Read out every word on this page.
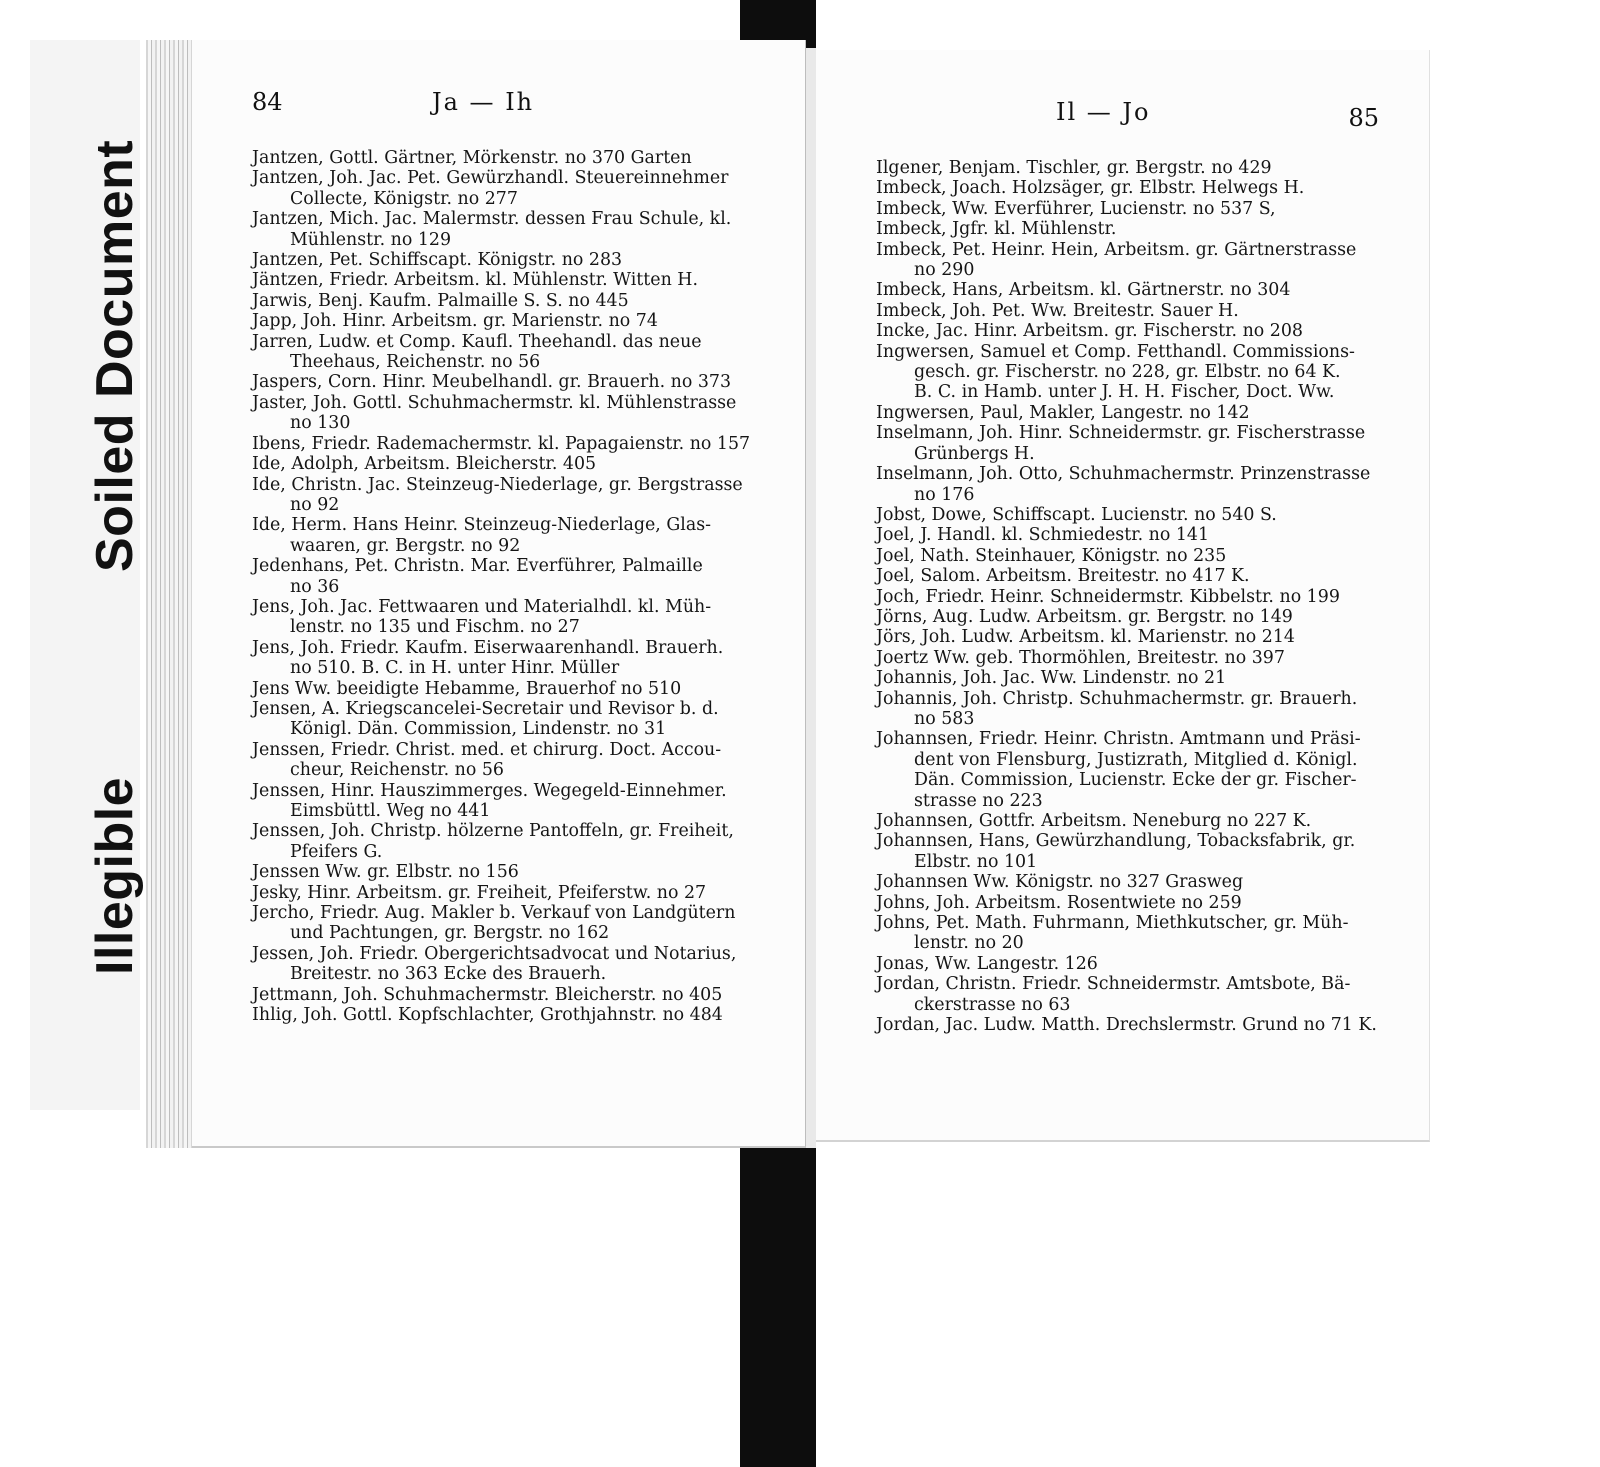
Illegible
Soiled Document
84	Ja — Ih
Jantzen, Gottl. Gärtner, Mörkenstr. no 370 Garten
Jantzen, Joh. Jac. Pet. Gewürzhandl. Steuereinnehmer
Collecte, Königstr. no 277
Jantzen, Mich. Jac. Malermstr. dessen Frau Schule, kl.
Mühlenstr. no 129
Jantzen, Pet. Schiffscapt. Königstr. no 283
Jäntzen, Friedr. Arbeitsm. kl. Mühlenstr. Witten H.
Jarwis, Benj. Kaufm. Palmaille S. S. no 445
Japp, Joh. Hinr. Arbeitsm. gr. Marienstr. no 74
Jarren, Ludw. et Comp. Kaufl. Theehandl. das neue
Theehaus, Reichenstr. no 56
Jaspers, Corn. Hinr. Meubelhandl. gr. Brauerh. no 373
Jaster, Joh. Gottl. Schuhmachermstr. kl. Mühlenstrasse
no 130
Ibens, Friedr. Rademachermstr. kl. Papagaienstr. no 157
Ide, Adolph, Arbeitsm. Bleicherstr. 405
Ide, Christn. Jac. Steinzeug-Niederlage, gr. Bergstrasse
no 92
Ide, Herm. Hans Heinr. Steinzeug-Niederlage, Glas-
waaren, gr. Bergstr. no 92
Jedenhans, Pet. Christn. Mar. Everführer, Palmaille
no 36
Jens, Joh. Jac. Fettwaaren und Materialhdl. kl. Müh-
lenstr. no 135 und Fischm. no 27
Jens, Joh. Friedr. Kaufm. Eiserwaarenhandl. Brauerh.
no 510. B. C. in H. unter Hinr. Müller
Jens Ww. beeidigte Hebamme, Brauerhof no 510
Jensen, A. Kriegscancelei-Secretair und Revisor b. d.
Königl. Dän. Commission, Lindenstr. no 31
Jenssen, Friedr. Christ. med. et chirurg. Doct. Accou-
cheur, Reichenstr. no 56
Jenssen, Hinr. Hauszimmerges. Wegegeld-Einnehmer.
Eimsbüttl. Weg no 441
Jenssen, Joh. Christp. hölzerne Pantoffeln, gr. Freiheit,
Pfeifers G.
Jenssen Ww. gr. Elbstr. no 156
Jesky, Hinr. Arbeitsm. gr. Freiheit, Pfeiferstw. no 27
Jercho, Friedr. Aug. Makler b. Verkauf von Landgütern
und Pachtungen, gr. Bergstr. no 162
Jessen, Joh. Friedr. Obergerichtsadvocat und Notarius,
Breitestr. no 363 Ecke des Brauerh.
Jettmann, Joh. Schuhmachermstr. Bleicherstr. no 405
Ihlig, Joh. Gottl. Kopfschlachter, Grothjahnstr. no 484
Il — Jo	85
Ilgener, Benjam. Tischler, gr. Bergstr. no 429
Imbeck, Joach. Holzsäger, gr. Elbstr. Helwegs H.
Imbeck, Ww. Everführer, Lucienstr. no 537 S,
Imbeck, Jgfr. kl. Mühlenstr.
Imbeck, Pet. Heinr. Hein, Arbeitsm. gr. Gärtnerstrasse
no 290
Imbeck, Hans, Arbeitsm. kl. Gärtnerstr. no 304
Imbeck, Joh. Pet. Ww. Breitestr. Sauer H.
Incke, Jac. Hinr. Arbeitsm. gr. Fischerstr. no 208
Ingwersen, Samuel et Comp. Fetthandl. Commissions-
gesch. gr. Fischerstr. no 228, gr. Elbstr. no 64 K.
B. C. in Hamb. unter J. H. H. Fischer, Doct. Ww.
Ingwersen, Paul, Makler, Langestr. no 142
Inselmann, Joh. Hinr. Schneidermstr. gr. Fischerstrasse
Grünbergs H.
Inselmann, Joh. Otto, Schuhmachermstr. Prinzenstrasse
no 176
Jobst, Dowe, Schiffscapt. Lucienstr. no 540 S.
Joel, J. Handl. kl. Schmiedestr. no 141
Joel, Nath. Steinhauer, Königstr. no 235
Joel, Salom. Arbeitsm. Breitestr. no 417 K.
Joch, Friedr. Heinr. Schneidermstr. Kibbelstr. no 199
Jörns, Aug. Ludw. Arbeitsm. gr. Bergstr. no 149
Jörs, Joh. Ludw. Arbeitsm. kl. Marienstr. no 214
Joertz Ww. geb. Thormöhlen, Breitestr. no 397
Johannis, Joh. Jac. Ww. Lindenstr. no 21
Johannis, Joh. Christp. Schuhmachermstr. gr. Brauerh.
no 583
Johannsen, Friedr. Heinr. Christn. Amtmann und Präsi-
dent von Flensburg, Justizrath, Mitglied d. Königl.
Dän. Commission, Lucienstr. Ecke der gr. Fischer-
strasse no 223
Johannsen, Gottfr. Arbeitsm. Neneburg no 227 K.
Johannsen, Hans, Gewürzhandlung, Tobacksfabrik, gr.
Elbstr. no 101
Johannsen Ww. Königstr. no 327 Grasweg
Johns, Joh. Arbeitsm. Rosentwiete no 259
Johns, Pet. Math. Fuhrmann, Miethkutscher, gr. Müh-
lenstr. no 20
Jonas, Ww. Langestr. 126
Jordan, Christn. Friedr. Schneidermstr. Amtsbote, Bä-
ckerstrasse no 63
Jordan, Jac. Ludw. Matth. Drechslermstr. Grund no 71 K.
